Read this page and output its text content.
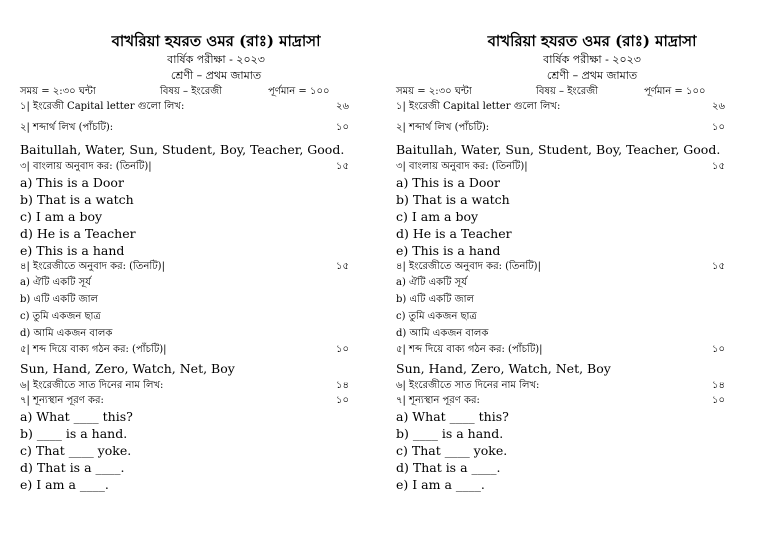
বাখরিয়া হযরত ওমর (রাঃ) মাদ্রাসা
বার্ষিক পরীক্ষা - ২০২৩
শ্রেণী – প্রথম জামাত
সময় = ২:৩০ ঘন্টা	বিষয় – ইংরেজী	পূর্ণমান = ১০০
১| ইংরেজী Capital letter গুলো লিখ:	২৬
২| শব্দার্থ লিখ (পাঁচটি):	১০
Baitullah, Water, Sun, Student, Boy, Teacher, Good.
৩| বাংলায় অনুবাদ কর: (তিনটি)|	১৫
a) This is a Door
b) That is a watch
c) I am a boy
d) He is a Teacher
e) This is a hand
৪| ইংরেজীতে অনুবাদ কর: (তিনটি)|	১৫
a) ঐটি একটি সূর্য
b) এটি একটি জাল
c) তুমি একজন ছাত্র
d) আমি একজন বালক
৫| শব্দ দিয়ে বাক্য গঠন কর: (পাঁচটি)|	১০
Sun, Hand, Zero, Watch, Net, Boy
৬| ইংরেজীতে সাত দিনের নাম লিখ:	১৪
৭| শূন্যস্থান পূরণ কর:	১০
a) What ____ this?
b) ____ is a hand.
c) That ____ yoke.
d) That is a ____.
e) I am a ____.
বাখরিয়া হযরত ওমর (রাঃ) মাদ্রাসা
বার্ষিক পরীক্ষা - ২০২৩
শ্রেণী – প্রথম জামাত
সময় = ২:৩০ ঘন্টা	বিষয় – ইংরেজী	পূর্ণমান = ১০০
১| ইংরেজী Capital letter গুলো লিখ:	২৬
২| শব্দার্থ লিখ (পাঁচটি):	১০
Baitullah, Water, Sun, Student, Boy, Teacher, Good.
৩| বাংলায় অনুবাদ কর: (তিনটি)|	১৫
a) This is a Door
b) That is a watch
c) I am a boy
d) He is a Teacher
e) This is a hand
৪| ইংরেজীতে অনুবাদ কর: (তিনটি)|	১৫
a) ঐটি একটি সূর্য
b) এটি একটি জাল
c) তুমি একজন ছাত্র
d) আমি একজন বালক
৫| শব্দ দিয়ে বাক্য গঠন কর: (পাঁচটি)|	১০
Sun, Hand, Zero, Watch, Net, Boy
৬| ইংরেজীতে সাত দিনের নাম লিখ:	১৪
৭| শূন্যস্থান পূরণ কর:	১০
a) What ____ this?
b) ____ is a hand.
c) That ____ yoke.
d) That is a ____.
e) I am a ____.
